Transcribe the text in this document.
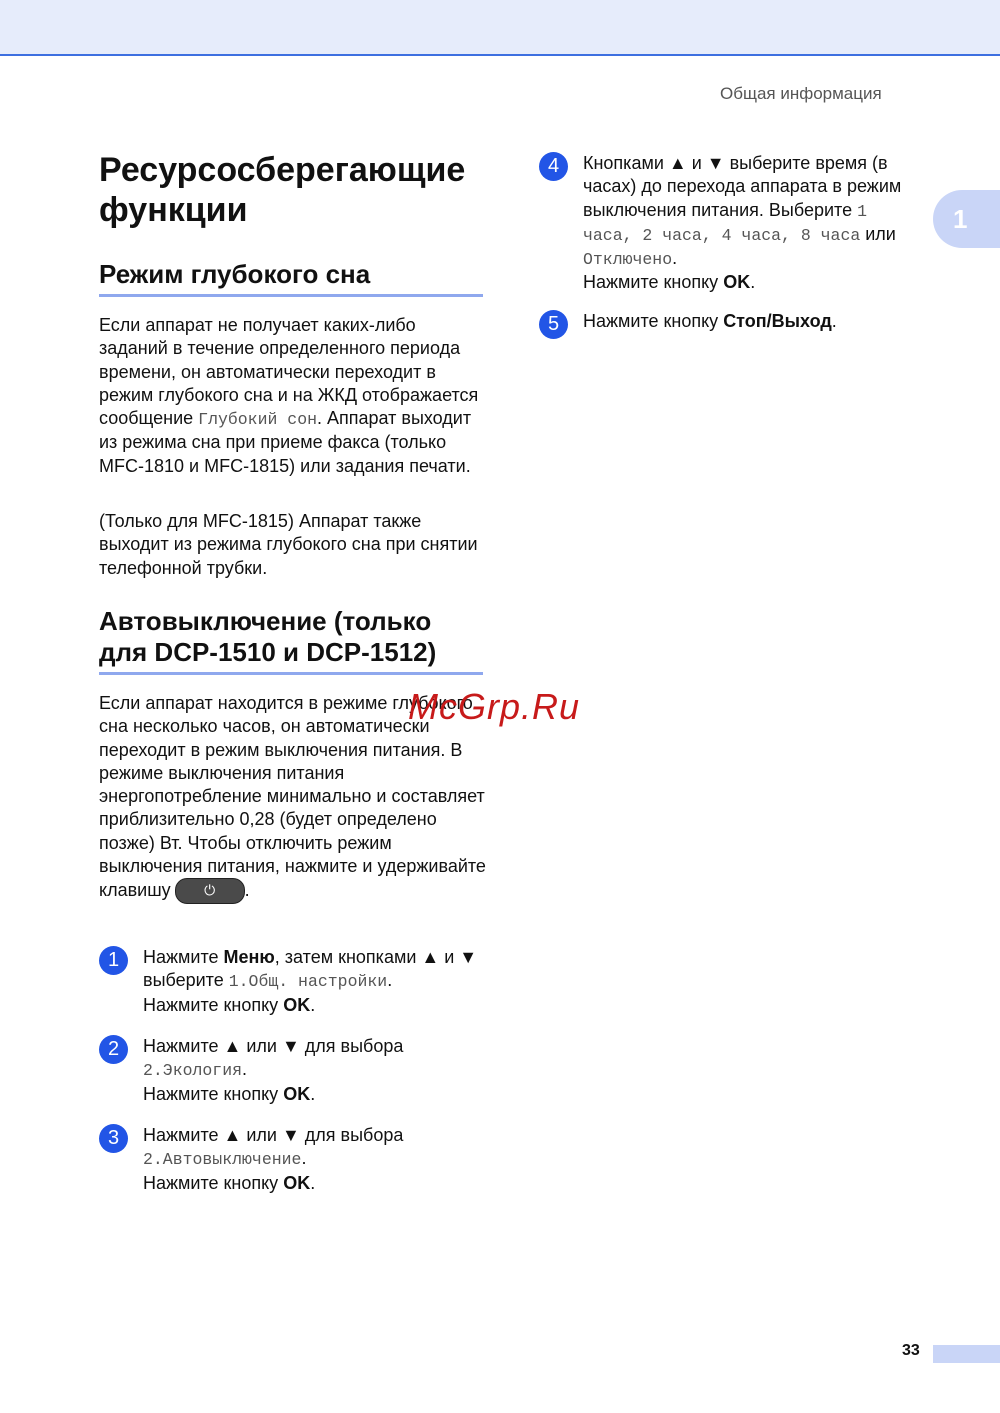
Общая информация
1
Ресурсосберегающие функции
Режим глубокого сна
Если аппарат не получает каких-либо заданий в течение определенного периода времени, он автоматически переходит в режим глубокого сна и на ЖКД отображается сообщение Глубокий сон. Аппарат выходит из режима сна при приеме факса (только MFC-1810 и MFC-1815) или задания печати.
(Только для MFC-1815) Аппарат также выходит из режима глубокого сна при снятии телефонной трубки.
Автовыключение (только для DCP-1510 и DCP-1512)
Если аппарат находится в режиме глубокого сна несколько часов, он автоматически переходит в режим выключения питания. В режиме выключения питания энергопотребление минимально и составляет приблизительно 0,28 (будет определено позже) Вт. Чтобы отключить режим выключения питания, нажмите и удерживайте клавишу ⏻ .
McGrp.Ru
1	Нажмите Меню, затем кнопками ▲ и ▼
выберите 1.Общ. настройки.
Нажмите кнопку OK.
2	Нажмите ▲ или ▼ для выбора
2.Экология.
Нажмите кнопку OK.
3	Нажмите ▲ или ▼ для выбора
2.Автовыключение.
Нажмите кнопку OK.
4	Кнопками ▲ и ▼ выберите время (в
часах) до перехода аппарата в режим
выключения питания. Выберите 1
часа, 2 часа, 4 часа, 8 часа или
Отключено.
Нажмите кнопку OK.
5	Нажмите кнопку Стоп/Выход.
33
